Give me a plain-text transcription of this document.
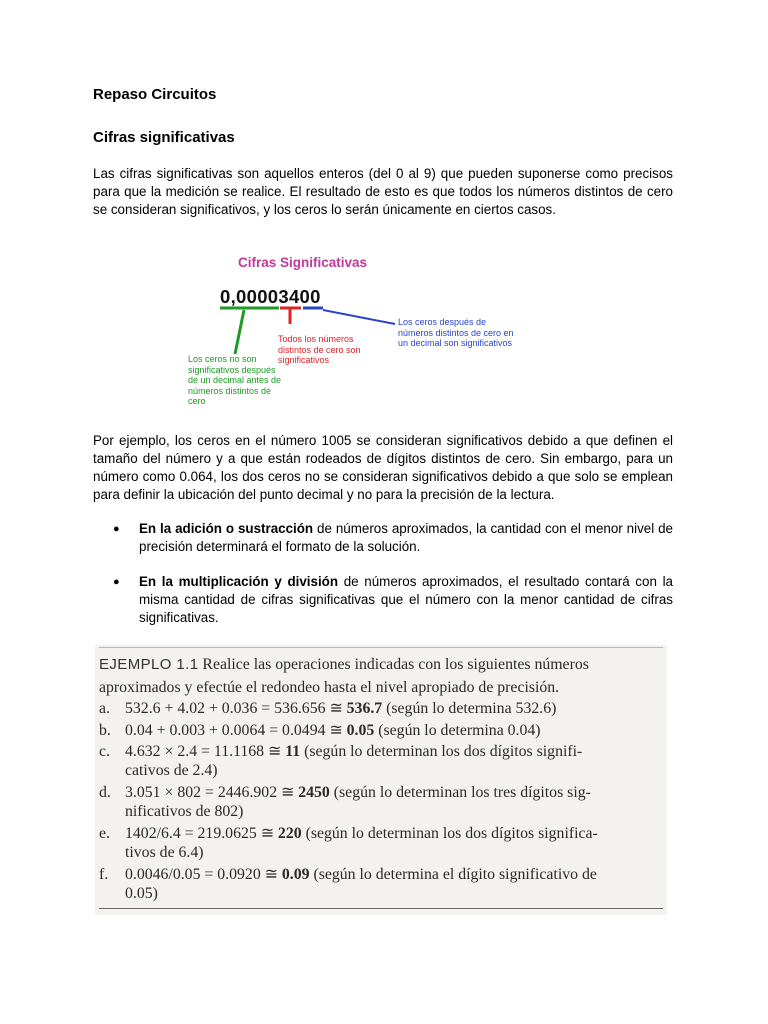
Repaso Circuitos
Cifras significativas

Las cifras significativas son aquellos enteros (del 0 al 9) que pueden suponerse como precisos para que la medición se realice. El resultado de esto es que todos los números distintos de cero se consideran significativos, y los ceros lo serán únicamente en ciertos casos.

Cifras Significativas
0,00003400
Los ceros no son significativos después de un decimal antes de números distintos de cero
Todos los números distintos de cero son significativos
Los ceros después de números distintos de cero en un decimal son significativos

Por ejemplo, los ceros en el número 1005 se consideran significativos debido a que definen el tamaño del número y a que están rodeados de dígitos distintos de cero. Sin embargo, para un número como 0.064, los dos ceros no se consideran significativos debido a que solo se emplean para definir la ubicación del punto decimal y no para la precisión de la lectura.

● En la adición o sustracción de números aproximados, la cantidad con el menor nivel de precisión determinará el formato de la solución.
● En la multiplicación y división de números aproximados, el resultado contará con la misma cantidad de cifras significativas que el número con la menor cantidad de cifras significativas.
EJEMPLO 1.1 Realice las operaciones indicadas con los siguientes números
aproximados y efectúe el redondeo hasta el nivel apropiado de precisión.
a. 532.6 + 4.02 + 0.036 = 536.656 ≅ 536.7 (según lo determina 532.6)
b. 0.04 + 0.003 + 0.0064 = 0.0494 ≅ 0.05 (según lo determina 0.04)
c. 4.632 × 2.4 = 11.1168 ≅ 11 (según lo determinan los dos dígitos signifi-
cativos de 2.4)
d. 3.051 × 802 = 2446.902 ≅ 2450 (según lo determinan los tres dígitos sig-
nificativos de 802)
e. 1402/6.4 = 219.0625 ≅ 220 (según lo determinan los dos dígitos significa-
tivos de 6.4)
f. 0.0046/0.05 = 0.0920 ≅ 0.09 (según lo determina el dígito significativo de
0.05)
